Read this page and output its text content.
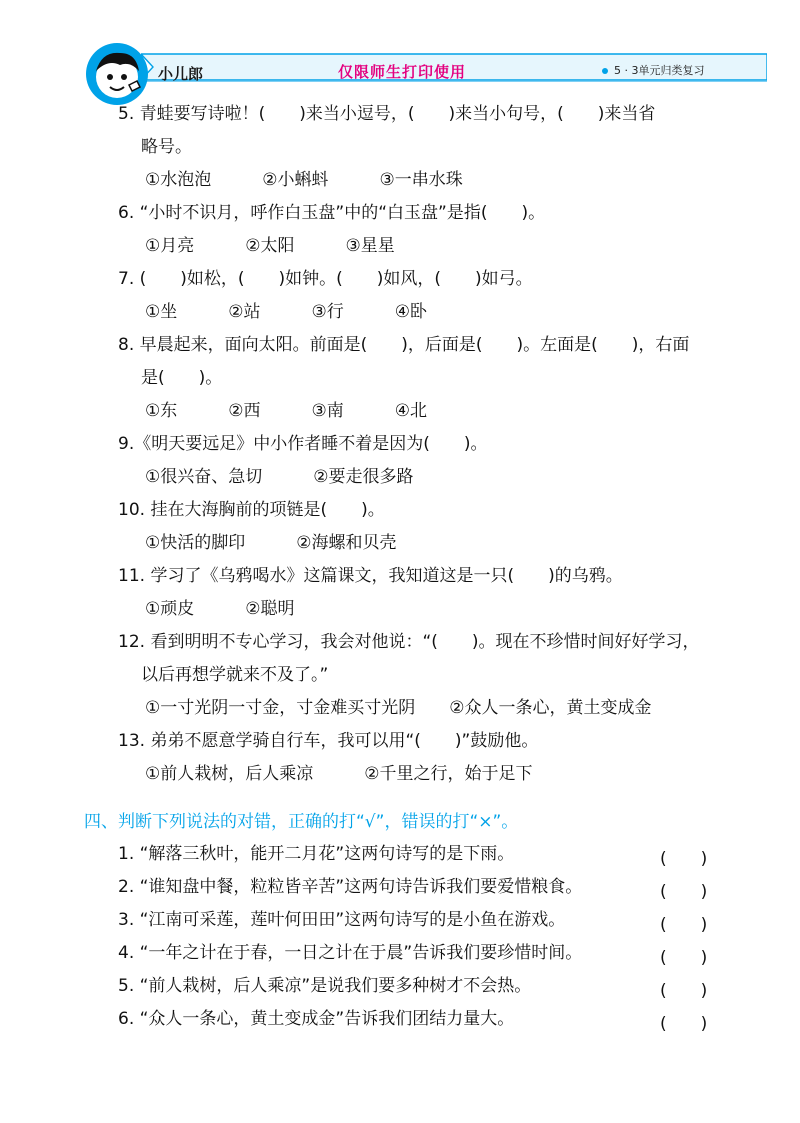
小儿郎	仅限师生打印使用	5 · 3单元归类复习
5. 青蛙要写诗啦！(　　)来当小逗号，(　　)来当小句号，(　　)来当省
略号。
①水泡泡　　　②小蝌蚪　　　③一串水珠
6. “小时不识月，呼作白玉盘”中的“白玉盘”是指(　　)。
①月亮　　　②太阳　　　③星星
7. (　　)如松，(　　)如钟。(　　)如风，(　　)如弓。
①坐　　　②站　　　③行　　　④卧
8. 早晨起来，面向太阳。前面是(　　)，后面是(　　)。左面是(　　)，右面
是(　　)。
①东　　　②西　　　③南　　　④北
9.《明天要远足》中小作者睡不着是因为(　　)。
①很兴奋、急切　　　②要走很多路
10. 挂在大海胸前的项链是(　　)。
①快活的脚印　　　②海螺和贝壳
11. 学习了《乌鸦喝水》这篇课文，我知道这是一只(　　)的乌鸦。
①顽皮　　　②聪明
12. 看到明明不专心学习，我会对他说：“(　　)。现在不珍惜时间好好学习，
以后再想学就来不及了。”
①一寸光阴一寸金，寸金难买寸光阴　　②众人一条心，黄土变成金
13. 弟弟不愿意学骑自行车，我可以用“(　　)”鼓励他。
①前人栽树，后人乘凉　　　②千里之行，始于足下
四、判断下列说法的对错，正确的打“√”，错误的打“×”。
1. “解落三秋叶，能开二月花”这两句诗写的是下雨。	(　　)
2. “谁知盘中餐，粒粒皆辛苦”这两句诗告诉我们要爱惜粮食。	(　　)
3. “江南可采莲，莲叶何田田”这两句诗写的是小鱼在游戏。	(　　)
4. “一年之计在于春，一日之计在于晨”告诉我们要珍惜时间。	(　　)
5. “前人栽树，后人乘凉”是说我们要多种树才不会热。	(　　)
6. “众人一条心，黄土变成金”告诉我们团结力量大。	(　　)
